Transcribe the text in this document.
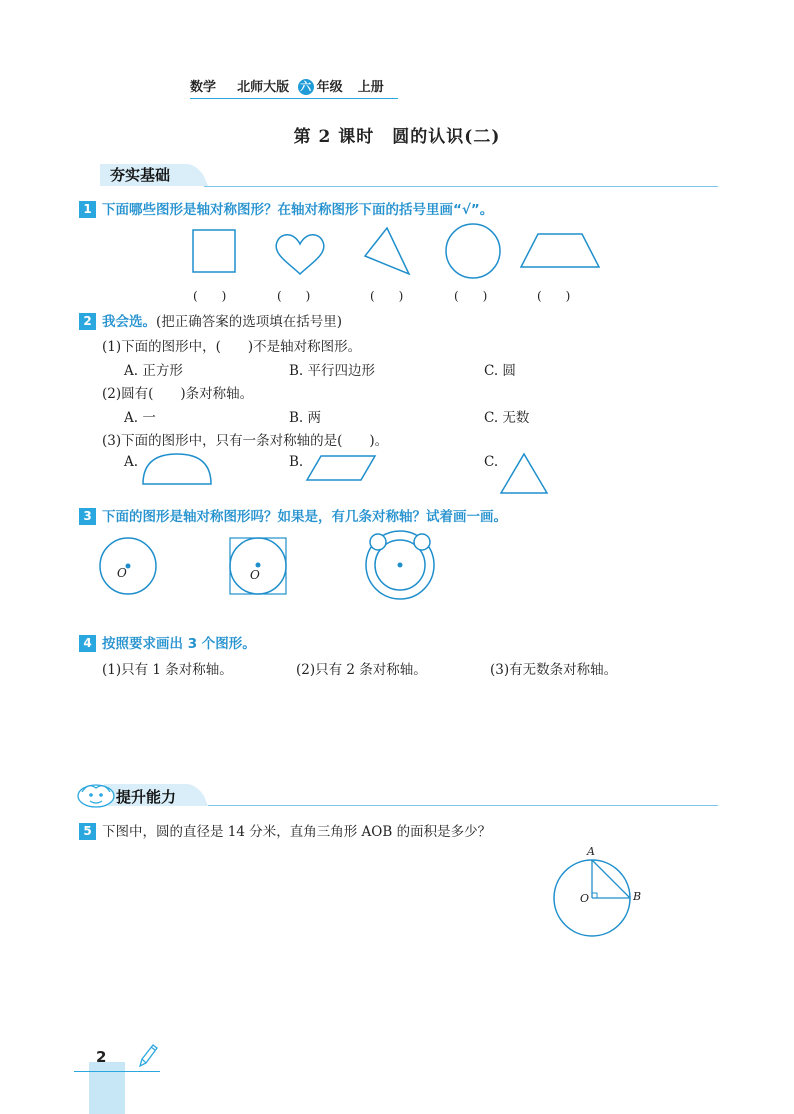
数学 北师大版 六 年级 上册
第 2 课时　圆的认识(二)
夯实基础
1 下面哪些图形是轴对称图形？在轴对称图形下面的括号里画“√”。
(　　)	(　　)	(　　)	(　　)	(　　)
2 我会选。(把正确答案的选项填在括号里)
(1)下面的图形中，(　　)不是轴对称图形。
A. 正方形	B. 平行四边形	C. 圆
(2)圆有(　　)条对称轴。
A. 一	B. 两	C. 无数
(3)下面的图形中，只有一条对称轴的是(　　)。
A.	B.	C.
3 下面的图形是轴对称图形吗？如果是，有几条对称轴？试着画一画。
O	O
4 按照要求画出 3 个图形。
(1)只有 1 条对称轴。	(2)只有 2 条对称轴。	(3)有无数条对称轴。
提升能力
5 下图中，圆的直径是 14 分米，直角三角形 AOB 的面积是多少？
A
O	B
2
